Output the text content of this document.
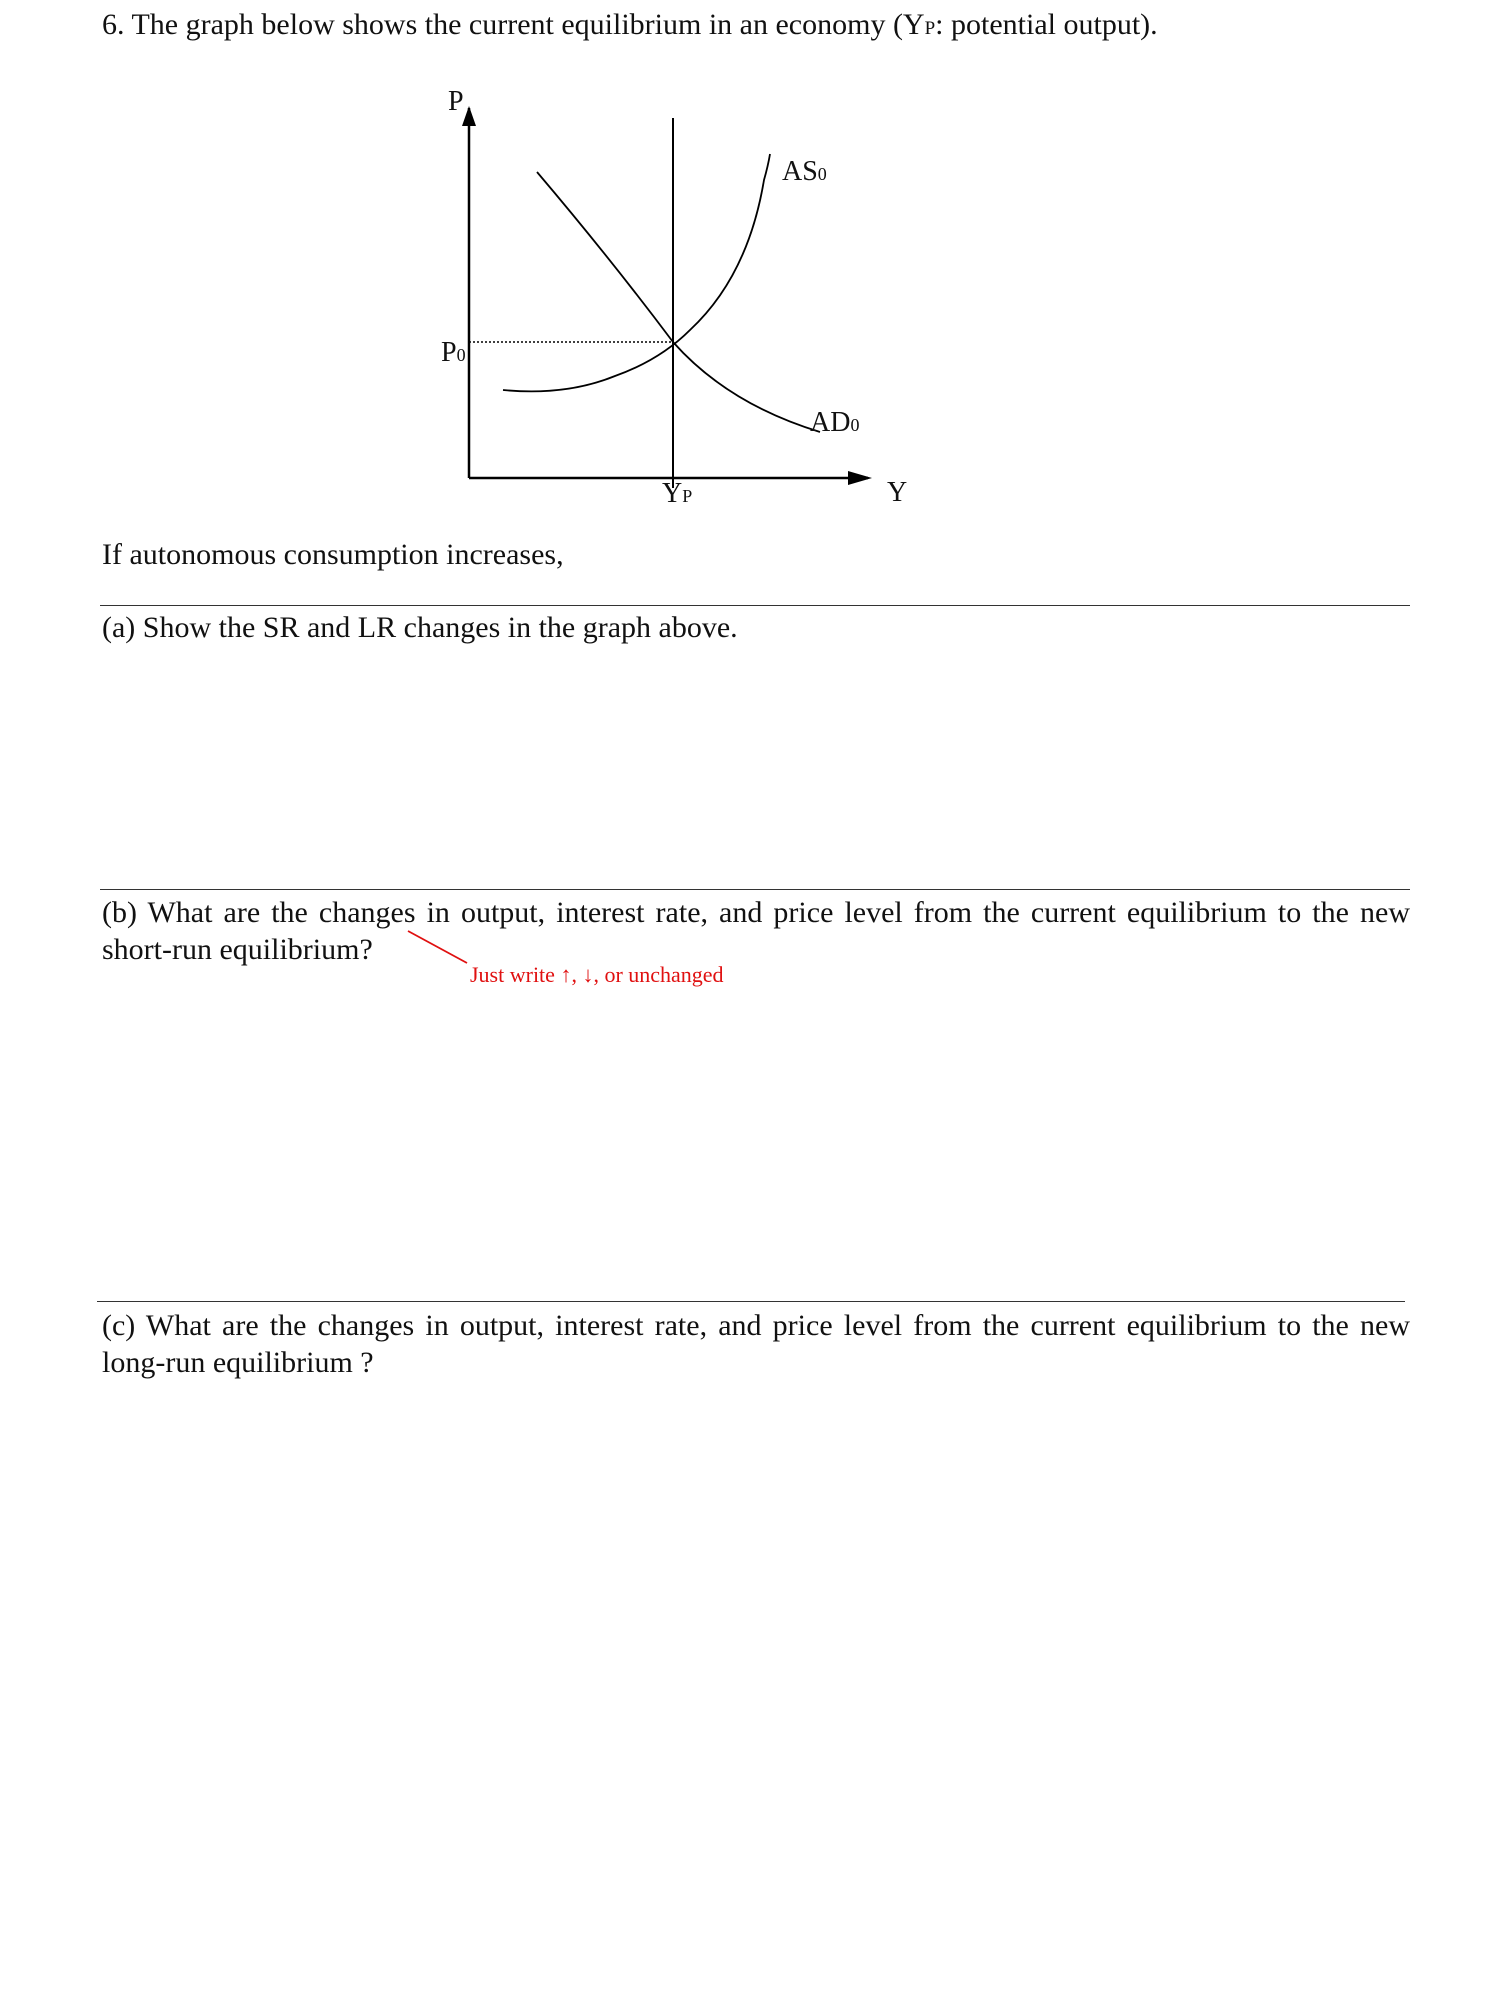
6. The graph below shows the current equilibrium in an economy (YP: potential output).
P
P0
YP	Y
AS0
AD0
If autonomous consumption increases,
(a) Show the SR and LR changes in the graph above.
(b) What are the changes in output, interest rate, and price level from the current equilibrium to the new
short-run equilibrium?
Just write ↑, ↓, or unchanged
(c) What are the changes in output, interest rate, and price level from the current equilibrium to the new
long-run equilibrium ?
